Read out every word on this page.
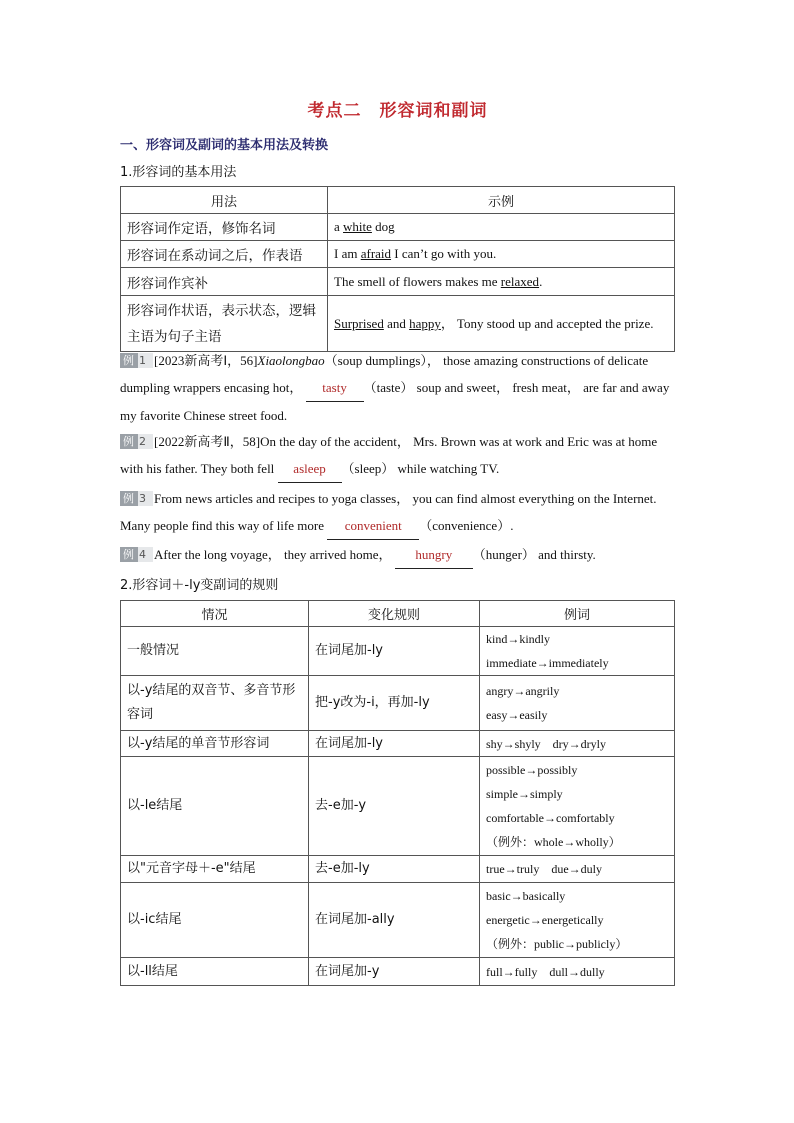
考点二　形容词和副词
一、形容词及副词的基本用法及转换
1.形容词的基本用法
用法	示例
形容词作定语，修饰名词	a white dog
形容词在系动词之后，作表语	I am afraid I can’t go with you.
形容词作宾补	The smell of flowers makes me relaxed.
形容词作状语，表示状态，逻辑主语为句子主语	Surprised and happy， Tony stood up and accepted the prize.
例 1 [2023新高考Ⅰ，56]Xiaolongbao（soup dumplings）， those amazing constructions of delicate dumpling wrappers encasing hot， tasty （taste） soup and sweet， fresh meat， are far and away my favorite Chinese street food.
例 2 [2022新高考Ⅱ，58]On the day of the accident， Mrs. Brown was at work and Eric was at home with his father. They both fell asleep （sleep） while watching TV.
例 3 From news articles and recipes to yoga classes， you can find almost everything on the Internet. Many people find this way of life more convenient （convenience）.
例 4 After the long voyage， they arrived home， hungry （hunger） and thirsty.
2.形容词＋-ly变副词的规则
情况	变化规则	例词
一般情况	在词尾加-ly	kind→kindly
immediate→immediately

以-y结尾的双音节、多音节形容词	把-y改为-i，再加-ly	angry→angrily
easy→easily

以-y结尾的单音节形容词	在词尾加-ly	shy→shyly　dry→dryly

以-le结尾	去-e加-y	possible→possibly
simple→simply
comfortable→comfortably
（例外：whole→wholly）

以"元音字母＋-e"结尾	去-e加-ly	true→truly　due→duly

以-ic结尾	在词尾加-ally	basic→basically
energetic→energetically
（例外：public→publicly）

以-ll结尾	在词尾加-y	full→fully　dull→dully
